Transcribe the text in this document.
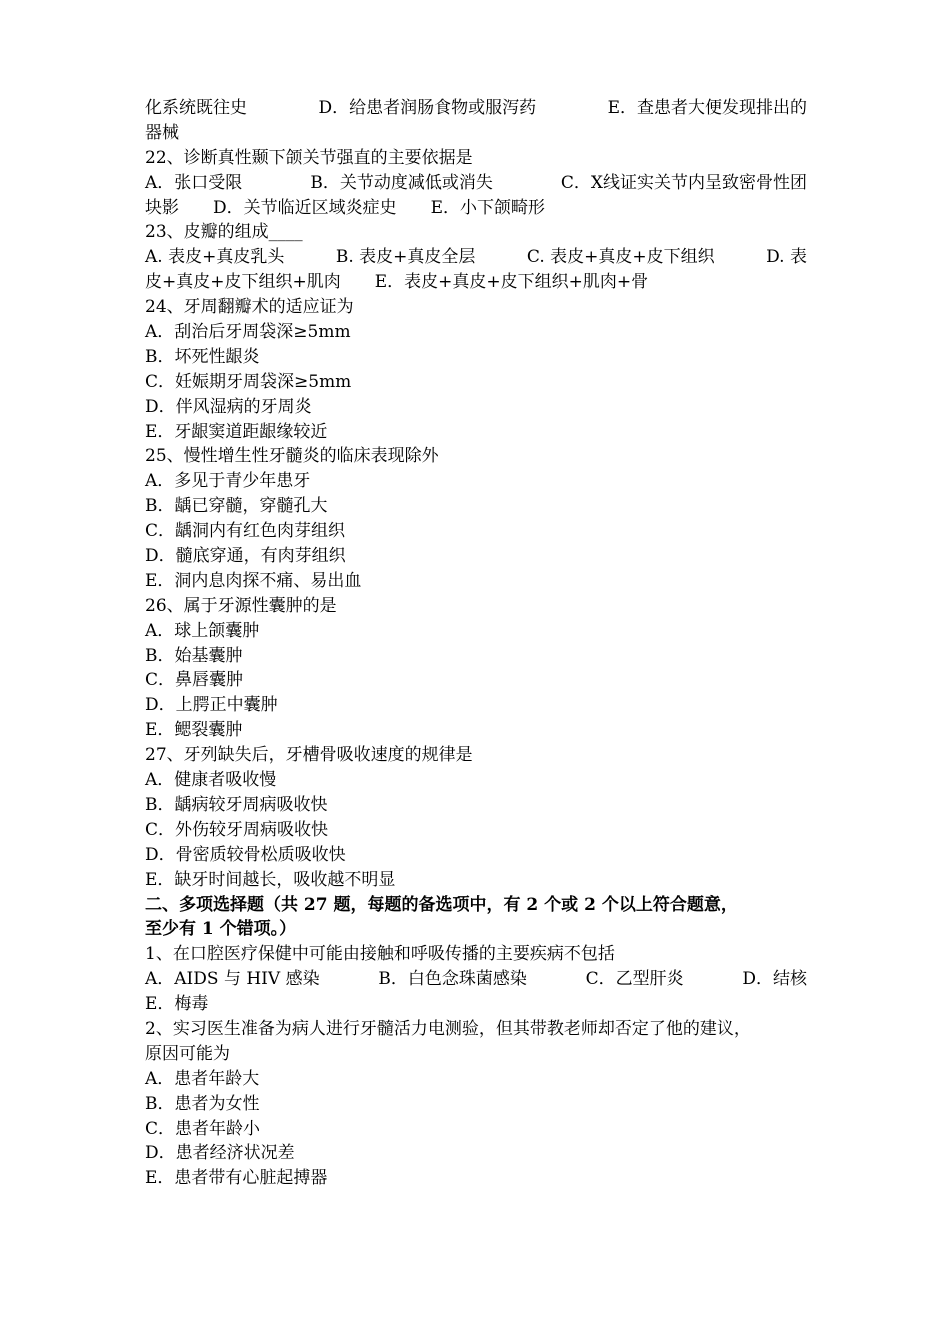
化系统既往史	D．给患者润肠食物或服泻药	E．查患者大便发现排出的
器械
22、诊断真性颞下颌关节强直的主要依据是
A．张口受限	B．关节动度减低或消失	C．X线证实关节内呈致密骨性团
块影　　D．关节临近区域炎症史　　E．小下颌畸形
23、皮瓣的组成____
A. 表皮+真皮乳头	B. 表皮+真皮全层	C. 表皮+真皮+皮下组织	D. 表
皮+真皮+皮下组织+肌肉　　E．表皮+真皮+皮下组织+肌肉+骨
24、牙周翻瓣术的适应证为
A．刮治后牙周袋深≥5mm
B．坏死性龈炎
C．妊娠期牙周袋深≥5mm
D．伴风湿病的牙周炎
E．牙龈窦道距龈缘较近
25、慢性增生性牙髓炎的临床表现除外
A．多见于青少年患牙
B．龋已穿髓，穿髓孔大
C．龋洞内有红色肉芽组织
D．髓底穿通，有肉芽组织
E．洞内息肉探不痛、易出血
26、属于牙源性囊肿的是
A．球上颌囊肿
B．始基囊肿
C．鼻唇囊肿
D．上腭正中囊肿
E．鳃裂囊肿
27、牙列缺失后，牙槽骨吸收速度的规律是
A．健康者吸收慢
B．龋病较牙周病吸收快
C．外伤较牙周病吸收快
D．骨密质较骨松质吸收快
E．缺牙时间越长，吸收越不明显
二、多项选择题（共 27 题，每题的备选项中，有 2 个或 2 个以上符合题意，
至少有 1 个错项。）
1、在口腔医疗保健中可能由接触和呼吸传播的主要疾病不包括
A．AIDS 与 HIV 感染	B．白色念珠菌感染	C．乙型肝炎	D．结核
E．梅毒
2、实习医生准备为病人进行牙髓活力电测验，但其带教老师却否定了他的建议，
原因可能为
A．患者年龄大
B．患者为女性
C．患者年龄小
D．患者经济状况差
E．患者带有心脏起搏器
